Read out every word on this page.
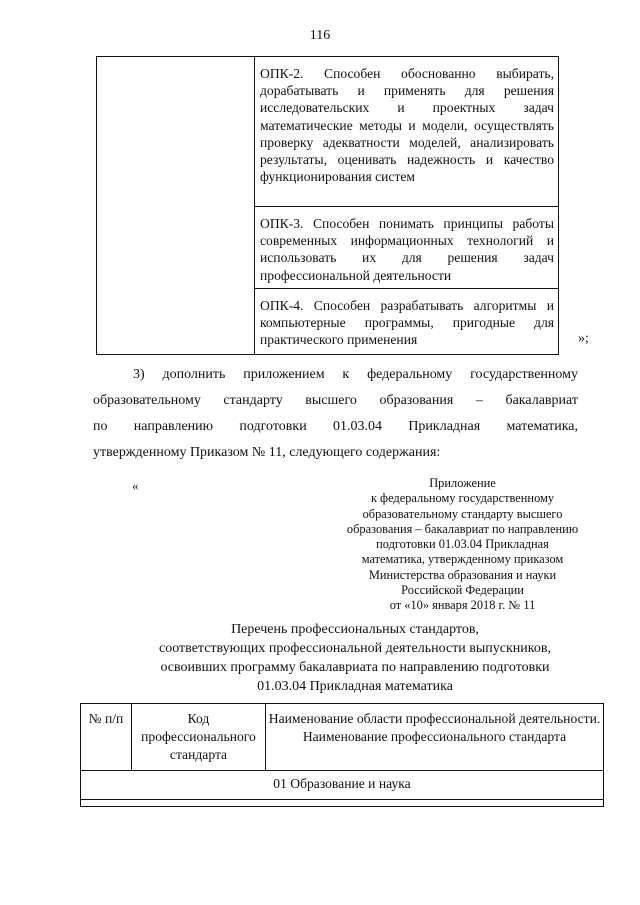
116

ОПК-2. Способен обоснованно выбирать, дорабатывать и применять для решения исследовательских и проектных задач математические методы и модели, осуществлять проверку адекватности моделей, анализировать результаты, оценивать надежность и качество функционирования систем

ОПК-3. Способен понимать принципы работы современных информационных технологий и использовать их для решения задач профессиональной деятельности

ОПК-4. Способен разрабатывать алгоритмы и компьютерные программы, пригодные для практического применения	»;

3) дополнить приложением к федеральному государственному

образовательному стандарту высшего образования – бакалавриат

по направлению подготовки 01.03.04 Прикладная математика,

утвержденному Приказом № 11, следующего содержания:

«	Приложение
к федеральному государственному
образовательному стандарту высшего
образования – бакалавриат по направлению
подготовки 01.03.04 Прикладная
математика, утвержденному приказом
Министерства образования и науки
Российской Федерации
от «10» января 2018 г. № 11
Перечень профессиональных стандартов,
соответствующих профессиональной деятельности выпускников,
освоивших программу бакалавриата по направлению подготовки
01.03.04 Прикладная математика
№ п/п	Код профессионального стандарта	Наименование области профессиональной деятельности. Наименование профессионального стандарта
01 Образование и наука
